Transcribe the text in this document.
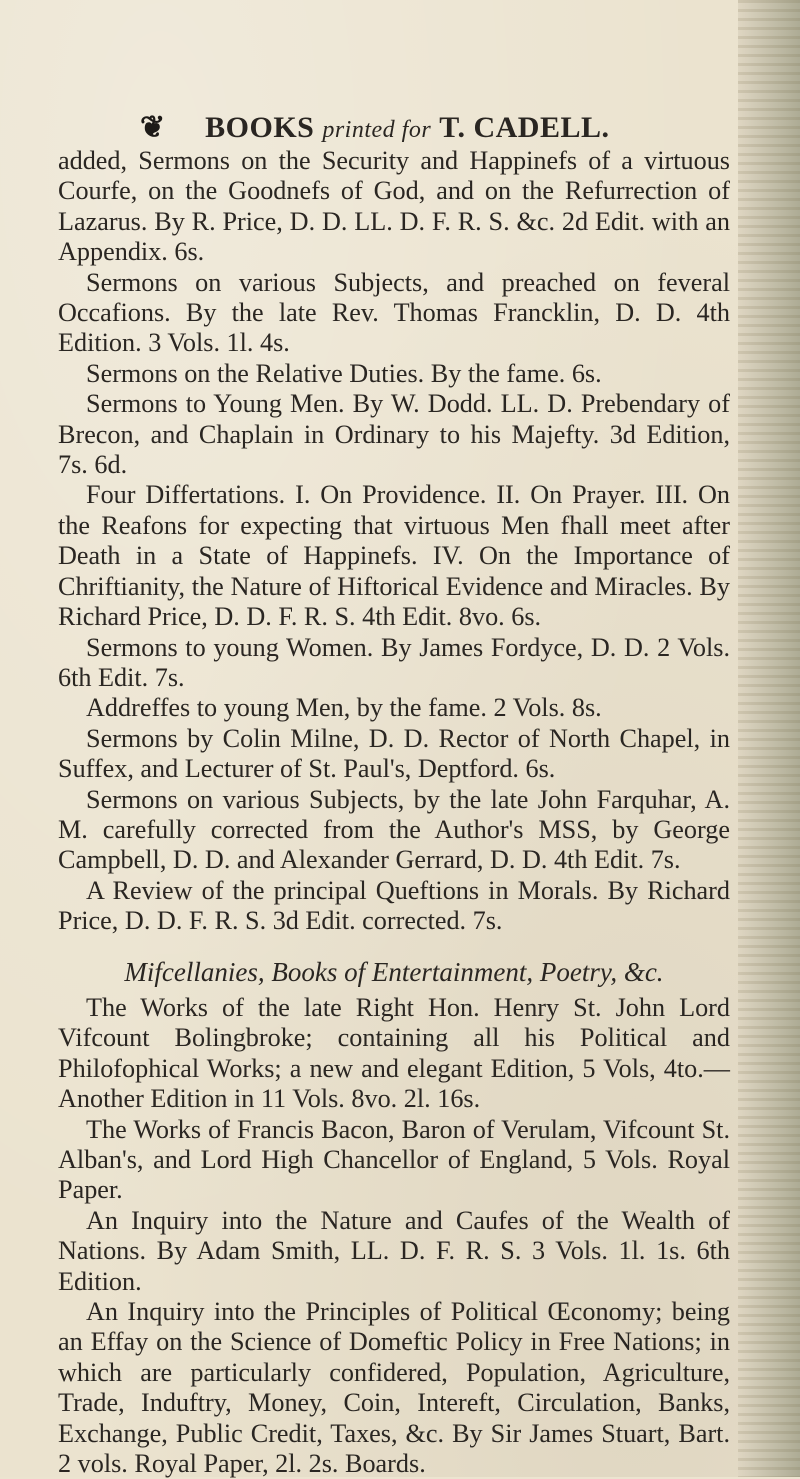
❦ BOOKS printed for T. CADELL.

added, Sermons on the Security and Happinefs of a virtuous Courfe, on the Goodnefs of God, and on the Refurrection of Lazarus. By R. Price, D. D. LL. D. F. R. S. &c. 2d Edit. with an Appendix. 6s.

Sermons on various Subjects, and preached on feveral Occafions. By the late Rev. Thomas Francklin, D. D. 4th Edition. 3 Vols. 1l. 4s.

Sermons on the Relative Duties. By the fame. 6s.

Sermons to Young Men. By W. Dodd. LL. D. Prebendary of Brecon, and Chaplain in Ordinary to his Majefty. 3d Edition, 7s. 6d.

Four Differtations. I. On Providence. II. On Prayer. III. On the Reafons for expecting that virtuous Men fhall meet after Death in a State of Happinefs. IV. On the Importance of Chriftianity, the Nature of Hiftorical Evidence and Miracles. By Richard Price, D. D. F. R. S. 4th Edit. 8vo. 6s.

Sermons to young Women. By James Fordyce, D. D. 2 Vols. 6th Edit. 7s.

Addreffes to young Men, by the fame. 2 Vols. 8s.

Sermons by Colin Milne, D. D. Rector of North Chapel, in Suffex, and Lecturer of St. Paul's, Deptford. 6s.

Sermons on various Subjects, by the late John Farquhar, A. M. carefully corrected from the Author's MSS, by George Campbell, D. D. and Alexander Gerrard, D. D. 4th Edit. 7s.

A Review of the principal Queftions in Morals. By Richard Price, D. D. F. R. S. 3d Edit. corrected. 7s.

Mifcellanies, Books of Entertainment, Poetry, &c.

The Works of the late Right Hon. Henry St. John Lord Vifcount Bolingbroke; containing all his Political and Philofophical Works; a new and elegant Edition, 5 Vols, 4to.—Another Edition in 11 Vols. 8vo. 2l. 16s.

The Works of Francis Bacon, Baron of Verulam, Vifcount St. Alban's, and Lord High Chancellor of England, 5 Vols. Royal Paper.

An Inquiry into the Nature and Caufes of the Wealth of Nations. By Adam Smith, LL. D. F. R. S. 3 Vols. 1l. 1s. 6th Edition.

An Inquiry into the Principles of Political Œconomy; being an Effay on the Science of Domeftic Policy in Free Nations; in which are particularly confidered, Population, Agriculture, Trade, Induftry, Money, Coin, Intereft, Circulation, Banks, Exchange, Public Credit, Taxes, &c. By Sir James Stuart, Bart. 2 vols. Royal Paper, 2l. 2s. Boards.
